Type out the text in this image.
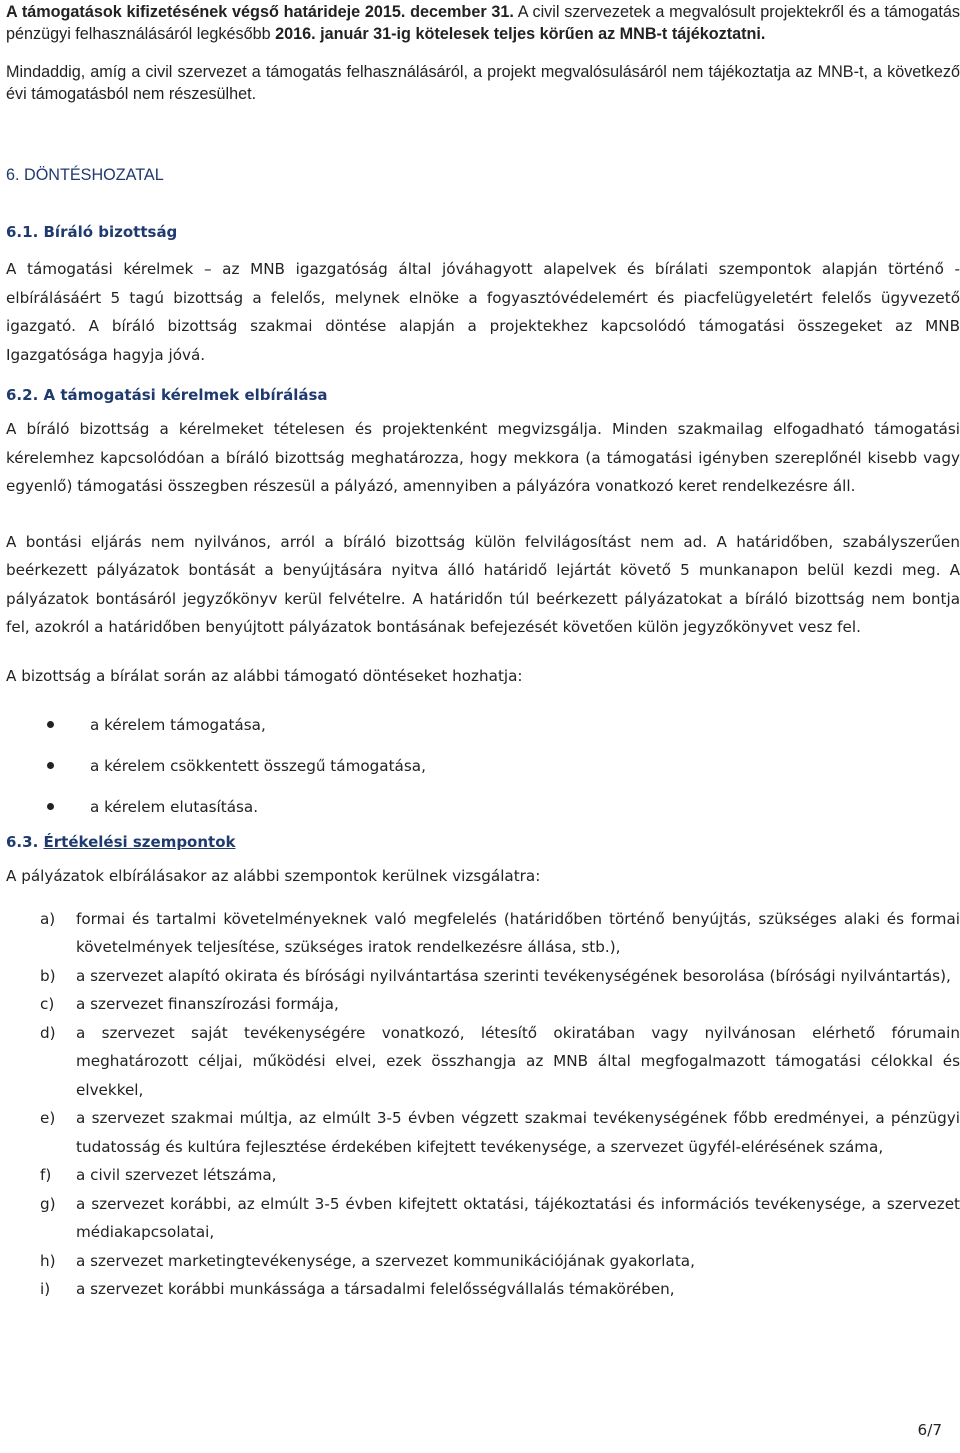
A támogatások kifizetésének végső határideje 2015. december 31. A civil szervezetek a megvalósult projektekről és a támogatás pénzügyi felhasználásáról legkésőbb 2016. január 31-ig kötelesek teljes körűen az MNB-t tájékoztatni.

Mindaddig, amíg a civil szervezet a támogatás felhasználásáról, a projekt megvalósulásáról nem tájékoztatja az MNB-t, a következő évi támogatásból nem részesülhet.

6. DÖNTÉSHOZATAL
6.1. Bíráló bizottság

A támogatási kérelmek – az MNB igazgatóság által jóváhagyott alapelvek és bírálati szempontok alapján történő - elbírálásáért 5 tagú bizottság a felelős, melynek elnöke a fogyasztóvédelemért és piacfelügyeletért felelős ügyvezető igazgató. A bíráló bizottság szakmai döntése alapján a projektekhez kapcsolódó támogatási összegeket az MNB Igazgatósága hagyja jóvá.

6.2. A támogatási kérelmek elbírálása

A bíráló bizottság a kérelmeket tételesen és projektenként megvizsgálja. Minden szakmailag elfogadható támogatási kérelemhez kapcsolódóan a bíráló bizottság meghatározza, hogy mekkora (a támogatási igényben szereplőnél kisebb vagy egyenlő) támogatási összegben részesül a pályázó, amennyiben a pályázóra vonatkozó keret rendelkezésre áll.

A bontási eljárás nem nyilvános, arról a bíráló bizottság külön felvilágosítást nem ad. A határidőben, szabályszerűen beérkezett pályázatok bontását a benyújtására nyitva álló határidő lejártát követő 5 munkanapon belül kezdi meg. A pályázatok bontásáról jegyzőkönyv kerül felvételre. A határidőn túl beérkezett pályázatokat a bíráló bizottság nem bontja fel, azokról a határidőben benyújtott pályázatok bontásának befejezését követően külön jegyzőkönyvet vesz fel.

A bizottság a bírálat során az alábbi támogató döntéseket hozhatja:

a kérelem támogatása,
a kérelem csökkentett összegű támogatása,
a kérelem elutasítása.
6.3. Értékelési szempontok

A pályázatok elbírálásakor az alábbi szempontok kerülnek vizsgálatra:

a) formai és tartalmi követelményeknek való megfelelés (határidőben történő benyújtás, szükséges alaki és formai követelmények teljesítése, szükséges iratok rendelkezésre állása, stb.),
b) a szervezet alapító okirata és bírósági nyilvántartása szerinti tevékenységének besorolása (bírósági nyilvántartás),
c) a szervezet finanszírozási formája,
d) a szervezet saját tevékenységére vonatkozó, létesítő okiratában vagy nyilvánosan elérhető fórumain meghatározott céljai, működési elvei, ezek összhangja az MNB által megfogalmazott támogatási célokkal és elvekkel,
e) a szervezet szakmai múltja, az elmúlt 3-5 évben végzett szakmai tevékenységének főbb eredményei, a pénzügyi tudatosság és kultúra fejlesztése érdekében kifejtett tevékenysége, a szervezet ügyfél-elérésének száma,
f) a civil szervezet létszáma,
g) a szervezet korábbi, az elmúlt 3-5 évben kifejtett oktatási, tájékoztatási és információs tevékenysége, a szervezet médiakapcsolatai,
h) a szervezet marketingtevékenysége, a szervezet kommunikációjának gyakorlata,
i) a szervezet korábbi munkássága a társadalmi felelősségvállalás témakörében,
6/7
